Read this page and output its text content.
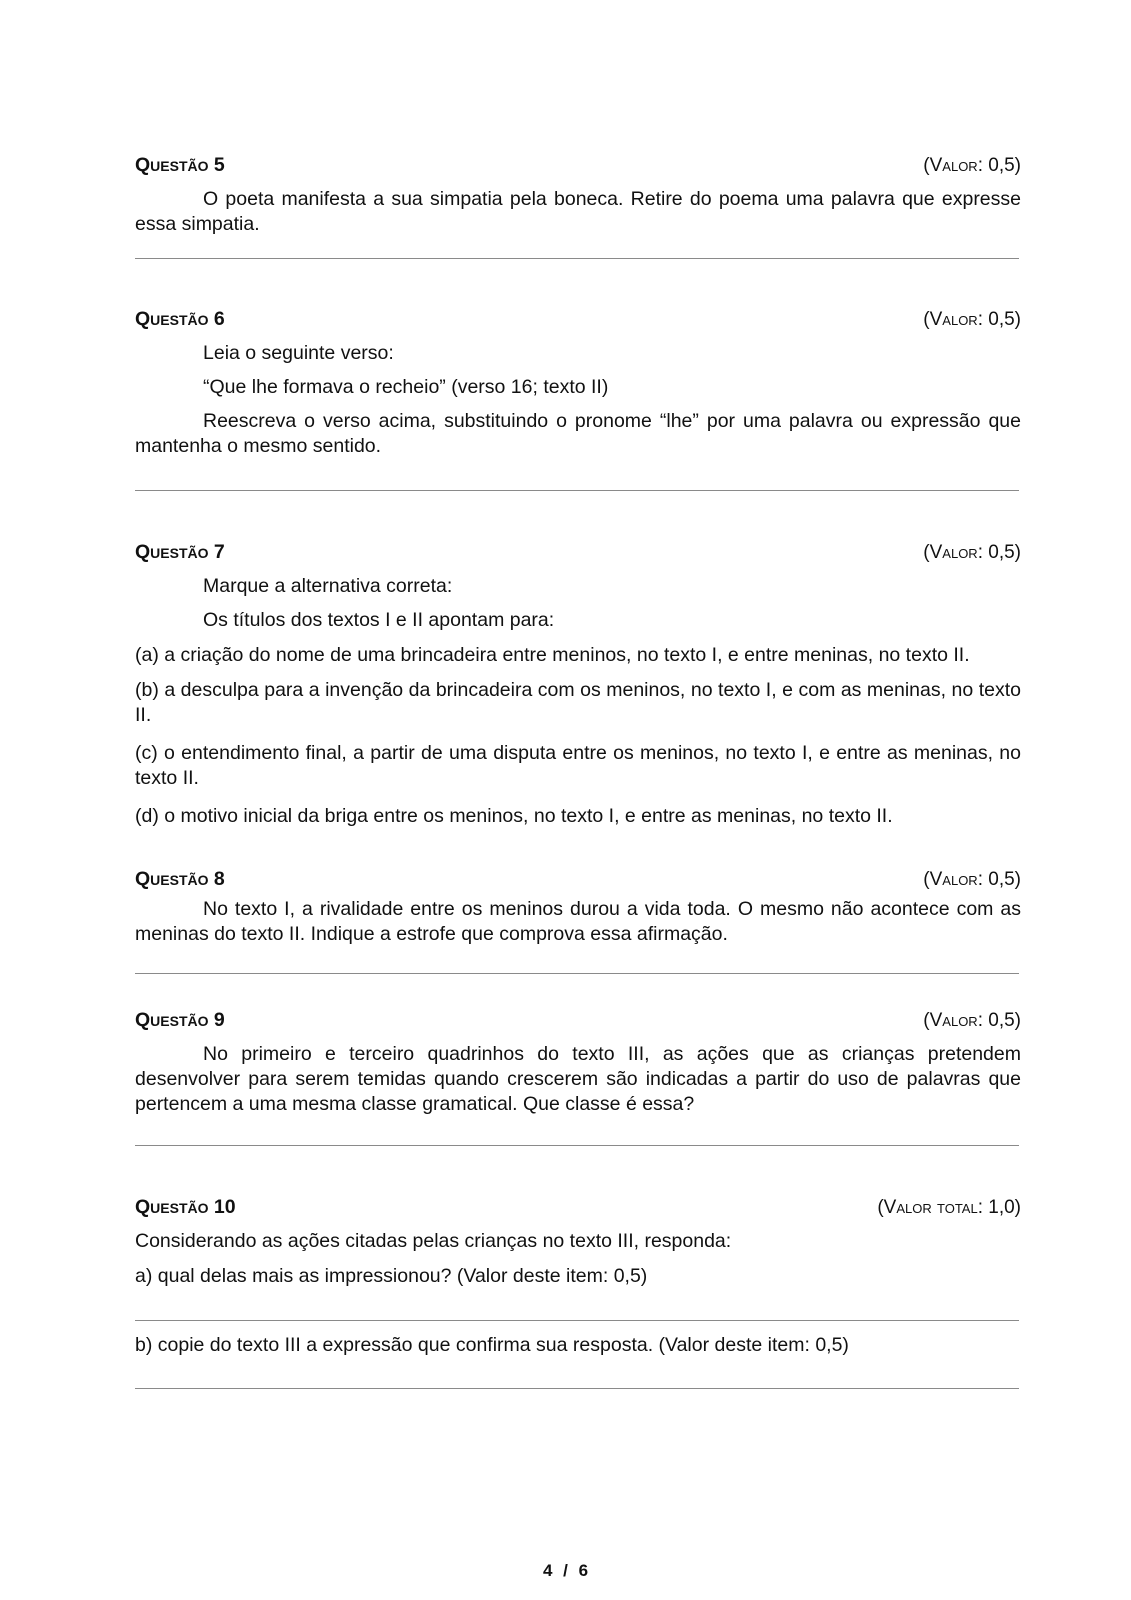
Questão 5	(Valor: 0,5)

O poeta manifesta a sua simpatia pela boneca. Retire do poema uma palavra que expresse essa simpatia.

Questão 6	(Valor: 0,5)

Leia o seguinte verso:

“Que lhe formava o recheio” (verso 16; texto II)

Reescreva o verso acima, substituindo o pronome “lhe” por uma palavra ou expressão que mantenha o mesmo sentido.

Questão 7	(Valor: 0,5)

Marque a alternativa correta:

Os títulos dos textos I e II apontam para:

(a) a criação do nome de uma brincadeira entre meninos, no texto I, e entre meninas, no texto II.

(b) a desculpa para a invenção da brincadeira com os meninos, no texto I, e com as meninas, no texto II.

(c) o entendimento final, a partir de uma disputa entre os meninos, no texto I, e entre as meninas, no texto II.

(d) o motivo inicial da briga entre os meninos, no texto I, e entre as meninas, no texto II.

Questão 8	(Valor: 0,5)

No texto I, a rivalidade entre os meninos durou a vida toda. O mesmo não acontece com as meninas do texto II. Indique a estrofe que comprova essa afirmação.

Questão 9	(Valor: 0,5)

No primeiro e terceiro quadrinhos do texto III, as ações que as crianças pretendem desenvolver para serem temidas quando crescerem são indicadas a partir do uso de palavras que pertencem a uma mesma classe gramatical. Que classe é essa?

Questão 10	(Valor total: 1,0)

Considerando as ações citadas pelas crianças no texto III, responda:

a) qual delas mais as impressionou? (Valor deste item: 0,5)

b) copie do texto III a expressão que confirma sua resposta. (Valor deste item: 0,5)

4 / 6
